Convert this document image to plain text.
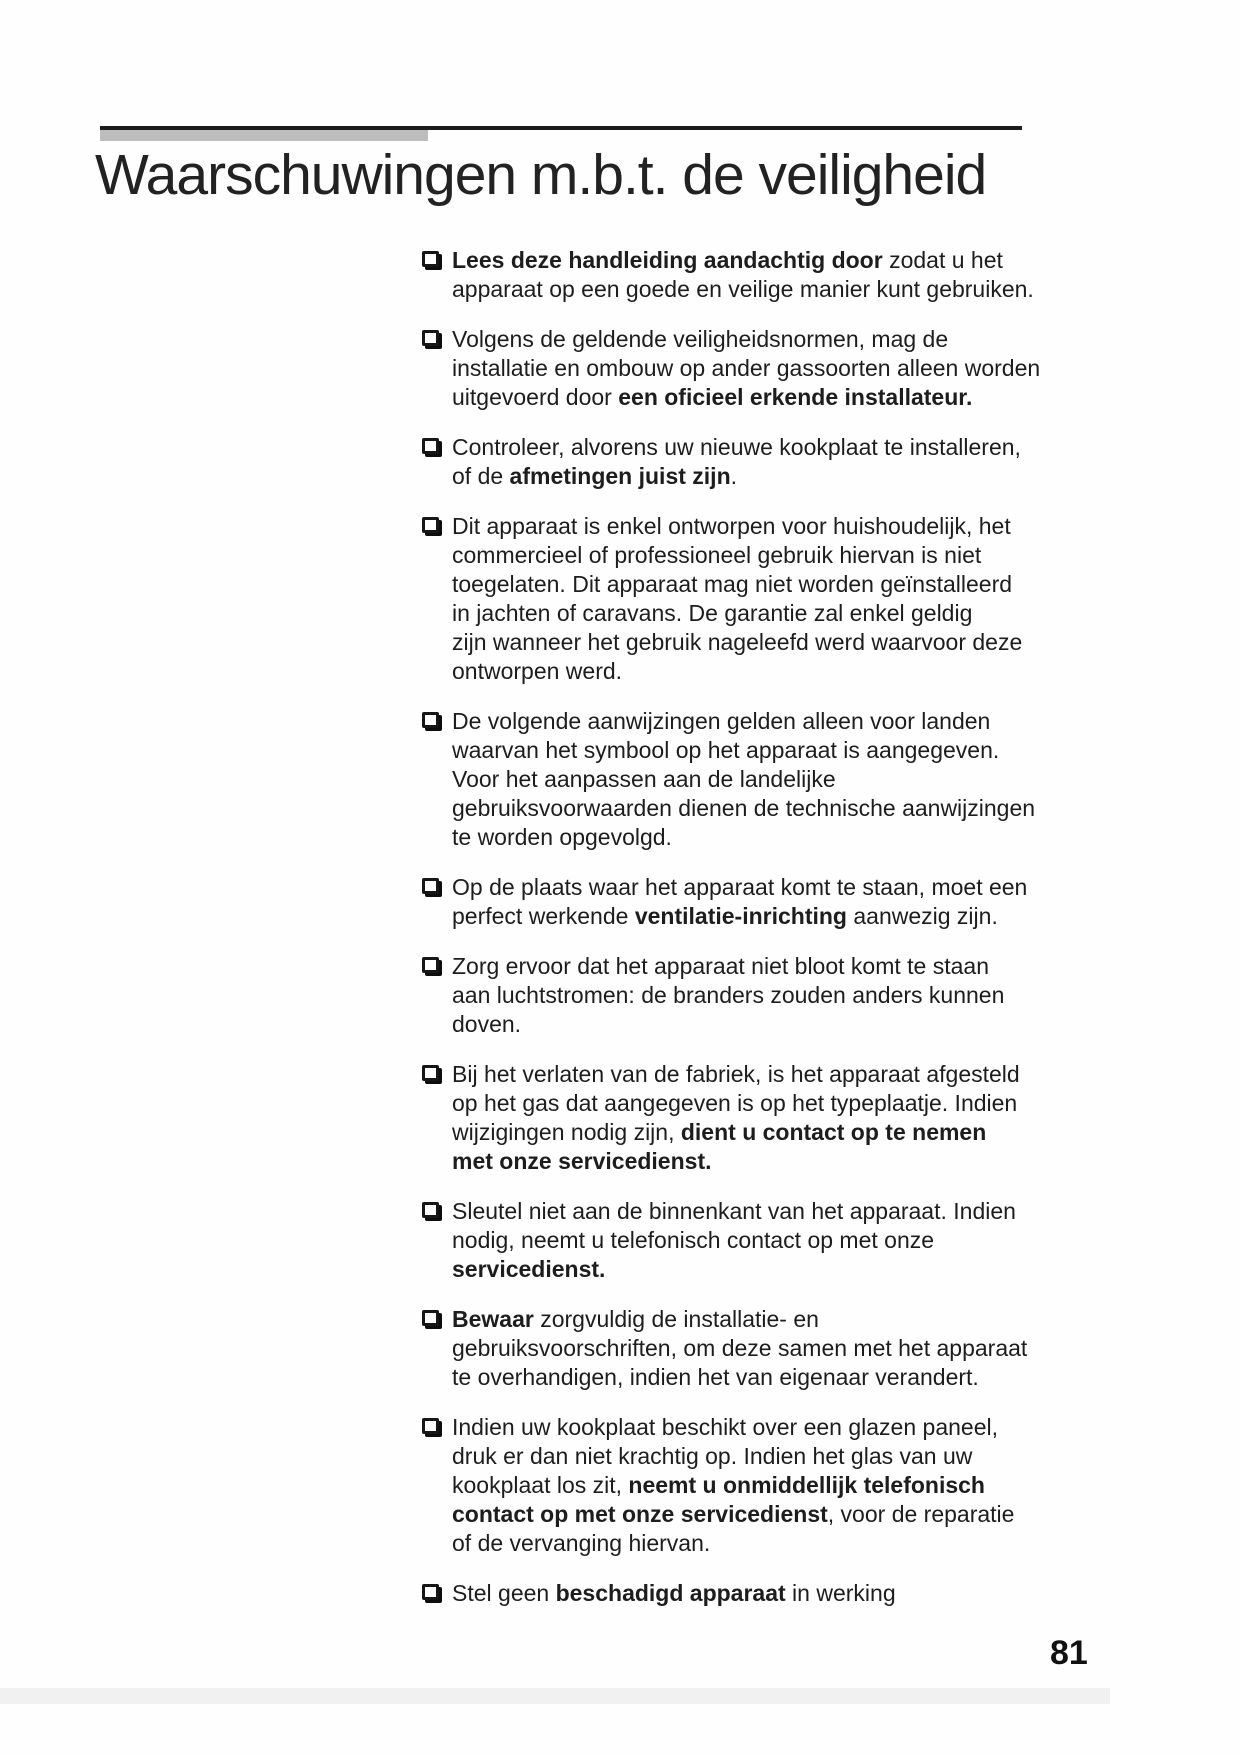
Waarschuwingen m.b.t. de veiligheid

Lees deze handleiding aandachtig door zodat u het
apparaat op een goede en veilige manier kunt gebruiken.

Volgens de geldende veiligheidsnormen, mag de
installatie en ombouw op ander gassoorten alleen worden
uitgevoerd door een oficieel erkende installateur.

Controleer, alvorens uw nieuwe kookplaat te installeren,
of de afmetingen juist zijn.

Dit apparaat is enkel ontworpen voor huishoudelijk, het
commercieel of professioneel gebruik hiervan is niet
toegelaten. Dit apparaat mag niet worden geïnstalleerd
in jachten of caravans. De garantie zal enkel geldig
zijn wanneer het gebruik nageleefd werd waarvoor deze
ontworpen werd.

De volgende aanwijzingen gelden alleen voor landen
waarvan het symbool op het apparaat is aangegeven.
Voor het aanpassen aan de landelijke
gebruiksvoorwaarden dienen de technische aanwijzingen
te worden opgevolgd.

Op de plaats waar het apparaat komt te staan, moet een
perfect werkende ventilatie-inrichting aanwezig zijn.

Zorg ervoor dat het apparaat niet bloot komt te staan
aan luchtstromen: de branders zouden anders kunnen
doven.

Bij het verlaten van de fabriek, is het apparaat afgesteld
op het gas dat aangegeven is op het typeplaatje. Indien
wijzigingen nodig zijn, dient u contact op te nemen
met onze servicedienst.

Sleutel niet aan de binnenkant van het apparaat. Indien
nodig, neemt u telefonisch contact op met onze
servicedienst.

Bewaar zorgvuldig de installatie- en
gebruiksvoorschriften, om deze samen met het apparaat
te overhandigen, indien het van eigenaar verandert.

Indien uw kookplaat beschikt over een glazen paneel,
druk er dan niet krachtig op. Indien het glas van uw
kookplaat los zit, neemt u onmiddellijk telefonisch
contact op met onze servicedienst, voor de reparatie
of de vervanging hiervan.

Stel geen beschadigd apparaat in werking

81
